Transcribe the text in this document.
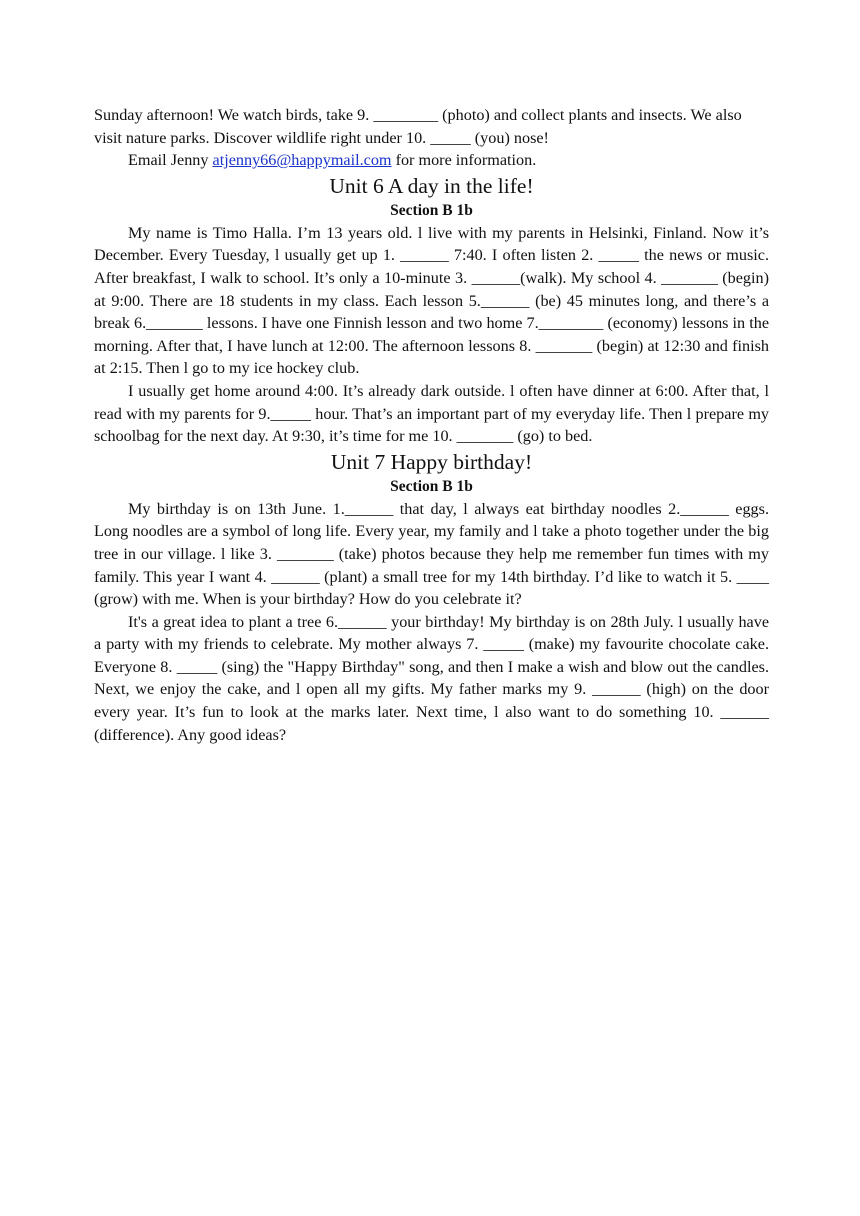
Sunday afternoon! We watch birds, take 9. ________ (photo) and collect plants and insects. We also visit nature parks. Discover wildlife right under 10. _____ (you) nose!

Email Jenny atjenny66@happymail.com for more information.

Unit 6 A day in the life!
Section B 1b

My name is Timo Halla. I’m 13 years old. l live with my parents in Helsinki, Finland. Now it’s December. Every Tuesday, l usually get up 1. ______ 7:40. I often listen 2. _____ the news or music. After breakfast, I walk to school. It’s only a 10-minute 3. ______(walk). My school 4. _______ (begin) at 9:00. There are 18 students in my class. Each lesson 5.______ (be) 45 minutes long, and there’s a break 6._______ lessons. I have one Finnish lesson and two home 7.________ (economy) lessons in the morning. After that, I have lunch at 12:00. The afternoon lessons 8. _______ (begin) at 12:30 and finish at 2:15. Then l go to my ice hockey club.

I usually get home around 4:00. It’s already dark outside. l often have dinner at 6:00. After that, l read with my parents for 9._____ hour. That’s an important part of my everyday life. Then l prepare my schoolbag for the next day. At 9:30, it’s time for me 10. _______ (go) to bed.

Unit 7 Happy birthday!
Section B 1b

My birthday is on 13th June. 1.______ that day, l always eat birthday noodles 2.______ eggs. Long noodles are a symbol of long life. Every year, my family and l take a photo together under the big tree in our village. l like 3. _______ (take) photos because they help me remember fun times with my family. This year I want 4. ______ (plant) a small tree for my 14th birthday. I’d like to watch it 5. ____ (grow) with me. When is your birthday? How do you celebrate it?

It's a great idea to plant a tree 6.______ your birthday! My birthday is on 28th July. l usually have a party with my friends to celebrate. My mother always 7. _____ (make) my favourite chocolate cake. Everyone 8. _____ (sing) the "Happy Birthday" song, and then I make a wish and blow out the candles. Next, we enjoy the cake, and l open all my gifts. My father marks my 9. ______ (high) on the door every year. It’s fun to look at the marks later. Next time, l also want to do something 10. ______ (difference). Any good ideas?
